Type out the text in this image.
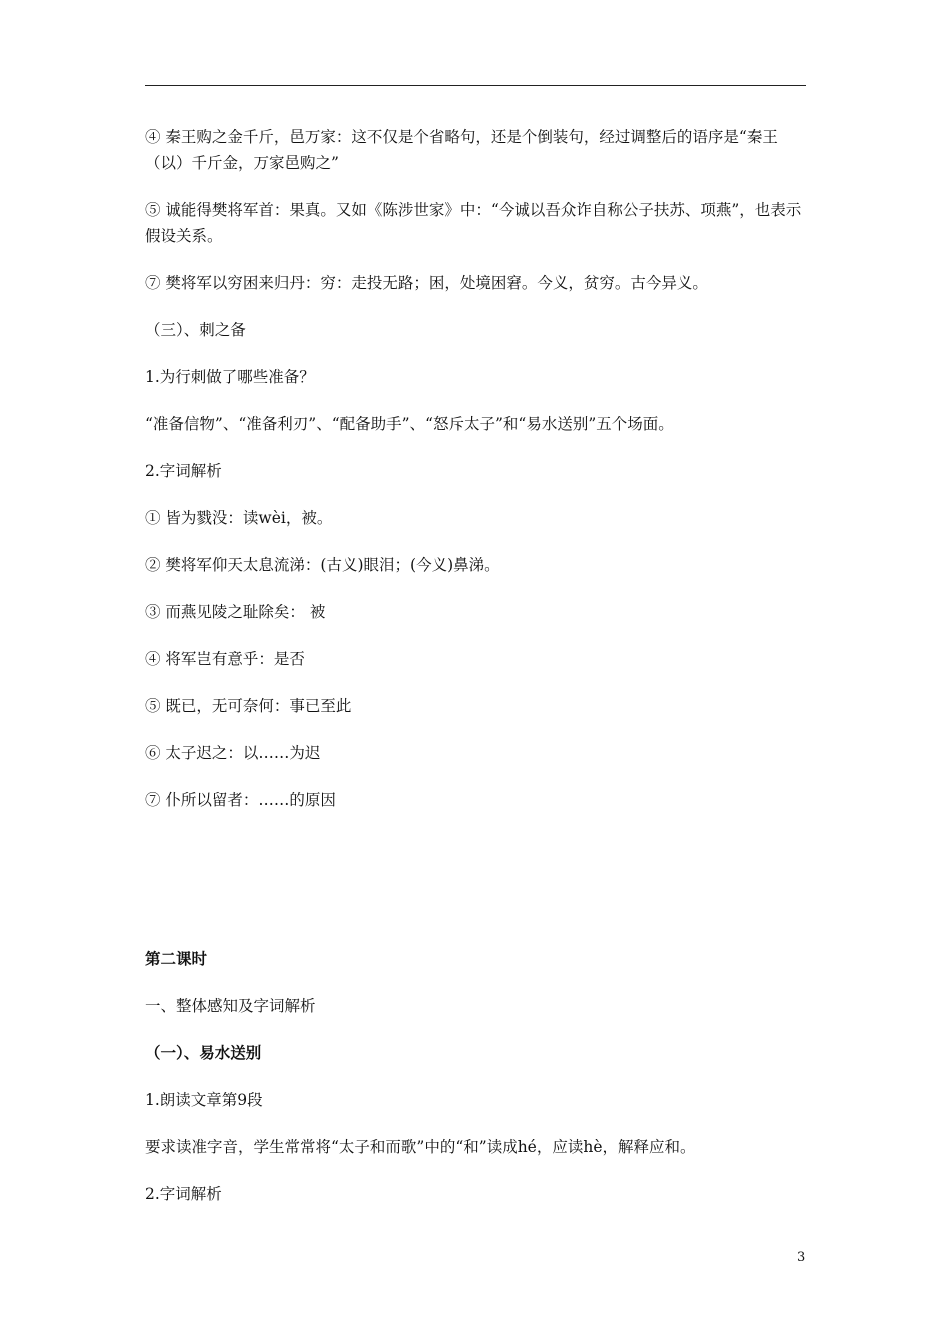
④ 秦王购之金千斤，邑万家：这不仅是个省略句，还是个倒装句，经过调整后的语序是“秦王（以）千斤金，万家邑购之”

⑤ 诚能得樊将军首：果真。又如《陈涉世家》中：“今诚以吾众诈自称公子扶苏、项燕”，也表示假设关系。

⑦ 樊将军以穷困来归丹：穷：走投无路；困，处境困窘。今义，贫穷。古今异义。

（三）、刺之备

1.为行刺做了哪些准备？

“准备信物”、“准备利刃”、“配备助手”、“怒斥太子”和“易水送别”五个场面。

2.字词解析

① 皆为戮没：读wèi，被。

② 樊将军仰天太息流涕：(古义)眼泪；(今义)鼻涕。

③ 而燕见陵之耻除矣： 被

④ 将军岂有意乎：是否

⑤ 既已，无可奈何：事已至此

⑥ 太子迟之：以……为迟

⑦ 仆所以留者：……的原因

第二课时

一、整体感知及字词解析

（一）、易水送别

1.朗读文章第9段

要求读准字音，学生常常将“太子和而歌”中的“和”读成hé，应读hè，解释应和。

2.字词解析

3
